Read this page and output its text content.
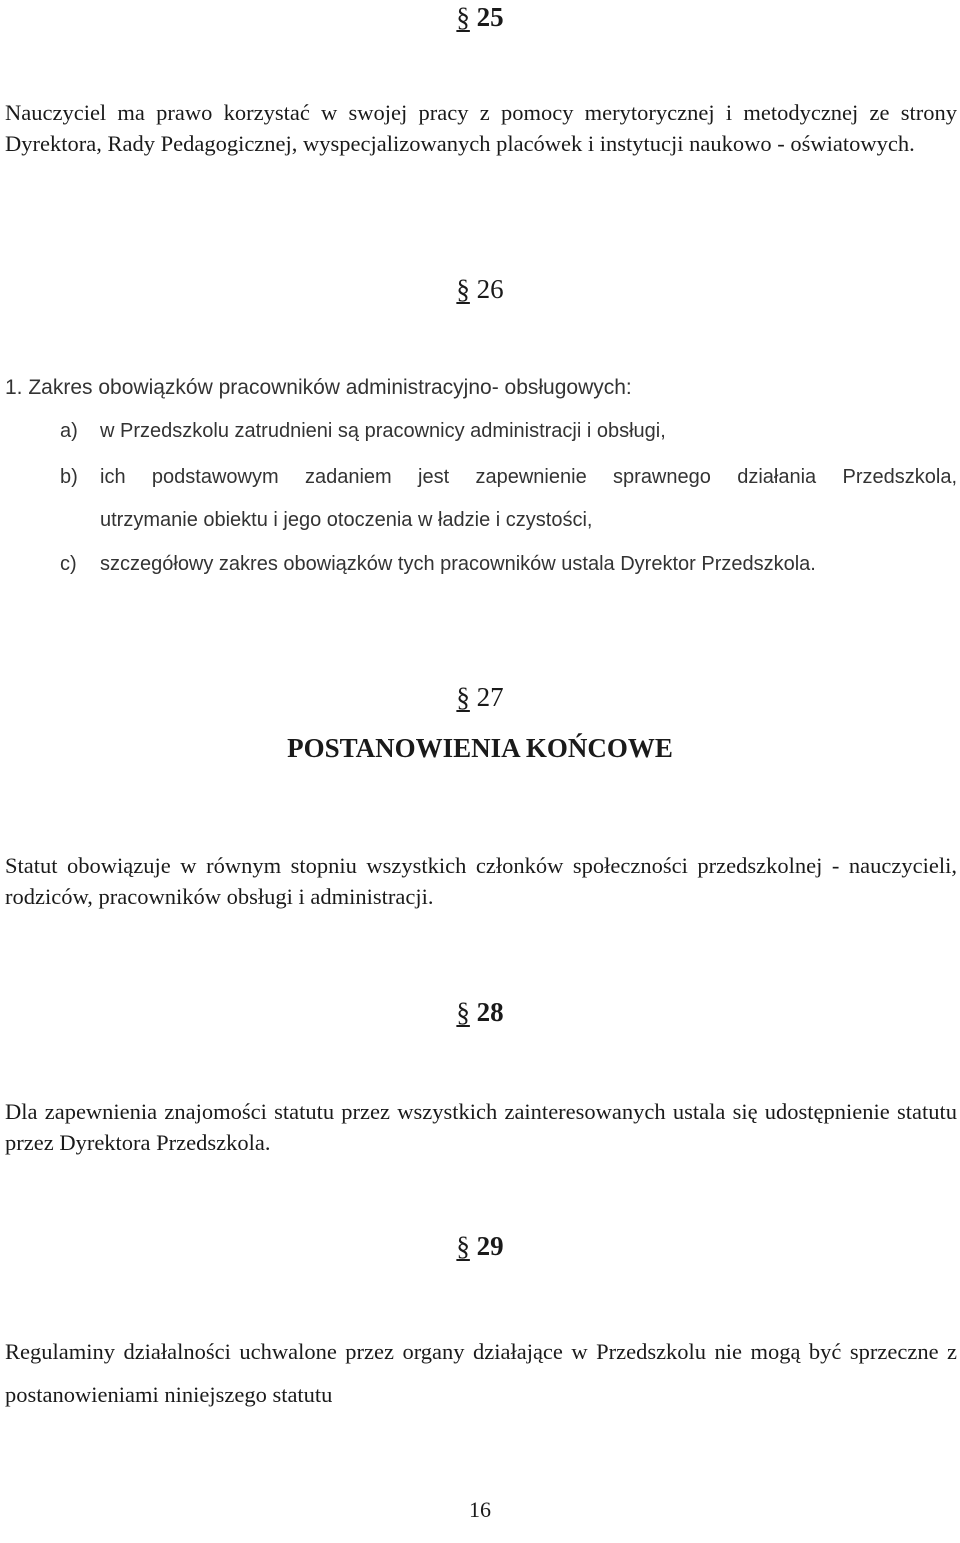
§ 25
Nauczyciel ma prawo korzystać w swojej pracy z pomocy merytorycznej i metodycznej ze strony Dyrektora, Rady Pedagogicznej, wyspecjalizowanych placówek i instytucji naukowo - oświatowych.
§ 26
1. Zakres obowiązków pracowników administracyjno- obsługowych:
a) w Przedszkolu zatrudnieni są pracownicy administracji i obsługi,
b) ich podstawowym zadaniem jest zapewnienie sprawnego działania Przedszkola,
utrzymanie obiektu i jego otoczenia w ładzie i czystości,
c) szczegółowy zakres obowiązków tych pracowników ustala Dyrektor Przedszkola.
§ 27
POSTANOWIENIA KOŃCOWE
Statut obowiązuje w równym stopniu wszystkich członków społeczności przedszkolnej - nauczycieli, rodziców, pracowników obsługi i administracji.
§ 28
Dla zapewnienia znajomości statutu przez wszystkich zainteresowanych ustala się udostępnienie statutu przez Dyrektora Przedszkola.
§ 29
Regulaminy działalności uchwalone przez organy działające w Przedszkolu nie mogą być sprzeczne z postanowieniami niniejszego statutu
16
